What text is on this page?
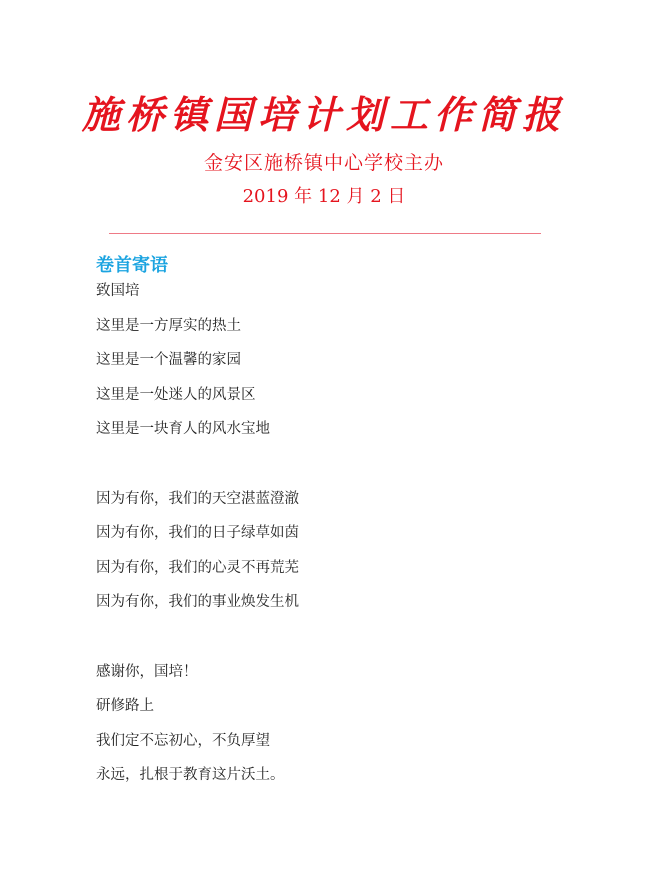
施桥镇国培计划工作简报
金安区施桥镇中心学校主办
2019 年 12 月 2 日
卷首寄语
致国培
这里是一方厚实的热土
这里是一个温馨的家园
这里是一处迷人的风景区
这里是一块育人的风水宝地
因为有你，我们的天空湛蓝澄澈
因为有你，我们的日子绿草如茵
因为有你，我们的心灵不再荒芜
因为有你，我们的事业焕发生机
感谢你，国培！
研修路上
我们定不忘初心，不负厚望
永远，扎根于教育这片沃土。
